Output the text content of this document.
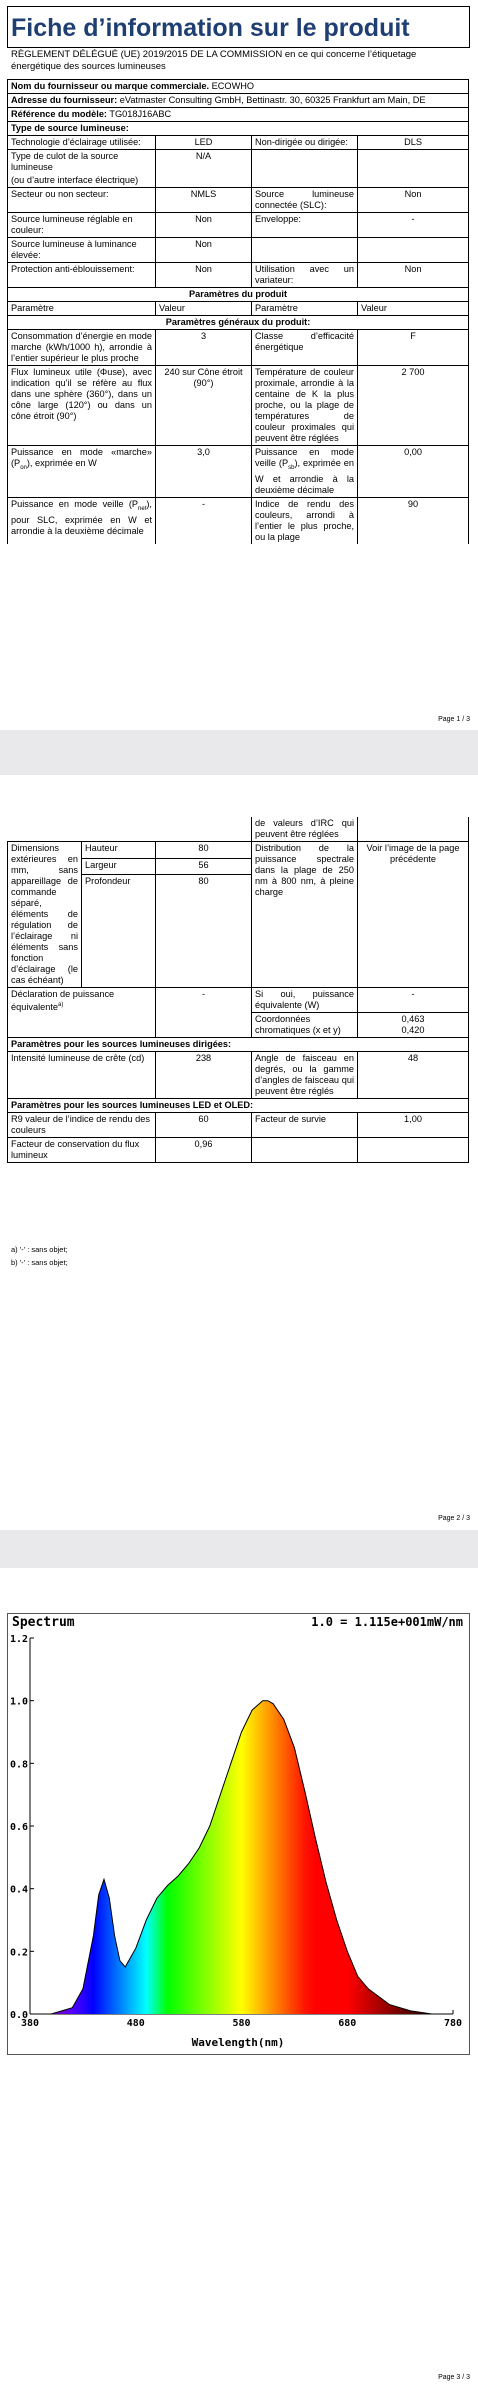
Fiche d’information sur le produit
RÈGLEMENT DÉLÉGUÉ (UE) 2019/2015 DE LA COMMISSION en ce qui concerne l’étiquetage énergétique des sources lumineuses
Nom du fournisseur ou marque commerciale. ECOWHO			
Adresse du fournisseur: eVatmaster Consulting GmbH, Bettinastr. 30, 60325 Frankfurt am Main, DE			
Référence du modèle: TG018J16ABC			
Type de source lumineuse:			
Technologie d’éclairage utilisée:	LED	Non-dirigée ou dirigée:	DLS
Type de culot de la source lumineuse	N/A		
(ou d’autre interface électrique)			
Secteur ou non secteur:	NMLS	Source lumineuse connectée (SLC):	Non
Source lumineuse réglable en couleur:	Non	Enveloppe:	-
Source lumineuse à luminance élevée:	Non		
Protection anti-éblouissement:	Non	Utilisation avec un variateur:	Non
Paramètres du produit			
Paramètre	Valeur	Paramètre	Valeur
Paramètres généraux du produit:			
Consommation d’énergie en mode marche (kWh/1000 h), arrondie à l’entier supérieur le plus proche	3	Classe d’efficacité énergétique	F
Flux lumineux utile (Φuse), avec indication qu’il se réfère au flux dans une sphère (360°), dans un cône large (120°) ou dans un cône étroit (90°)	240 sur Cône étroit (90°)	Température de couleur proximale, arrondie à la centaine de K la plus proche, ou la plage de températures de couleur proximales qui peuvent être réglées	2 700
Puissance en mode «marche» $(P_{on})$, exprimée en W	3,0	Puissance en mode veille $(P_{sb})$, exprimée en W et arrondie à la deuxième décimale	0,00
Puissance en mode veille $(P_{net})$, pour SLC, exprimée en W et arrondie à la deuxième décimale	-	Indice de rendu des couleurs, arrondi à l’entier le plus proche, ou la plage	90
Page 1 / 3
			de valeurs d’IRC qui peuvent être réglées	
Dimensions extérieures en mm, sans appareillage de commande séparé, éléments de régulation de l’éclairage ni éléments sans fonction d’éclairage (le cas échéant)	Hauteur	80	Distribution de la puissance spectrale dans la plage de 250 nm à 800 nm, à pleine charge	Voir l’image de la page précédente
	Largeur	56		
	Profondeur	80		
Déclaration de puissance équivalente$^{a)}$		-	Si oui, puissance équivalente (W)	-
			Coordonnées chromatiques (x et y)	0,463
0,420

Paramètres pour les sources lumineuses dirigées:				
Intensité lumineuse de crête (cd)		238	Angle de faisceau en degrés, ou la gamme d’angles de faisceau qui peuvent être réglés	48
Paramètres pour les sources lumineuses LED et OLED:				
R9 valeur de l’indice de rendu des couleurs		60	Facteur de survie	1,00
Facteur de conservation du flux lumineux		0,96		
a) '-' : sans objet;
b) '-' : sans objet;
Page 2 / 3
0.0
0.2
0.4
0.6
0.8
1.0
1.2
380	480	580	680	780
Spectrum	1.0 = 1.115e+001mW/nm
Wavelength(nm)
Page 3 / 3
